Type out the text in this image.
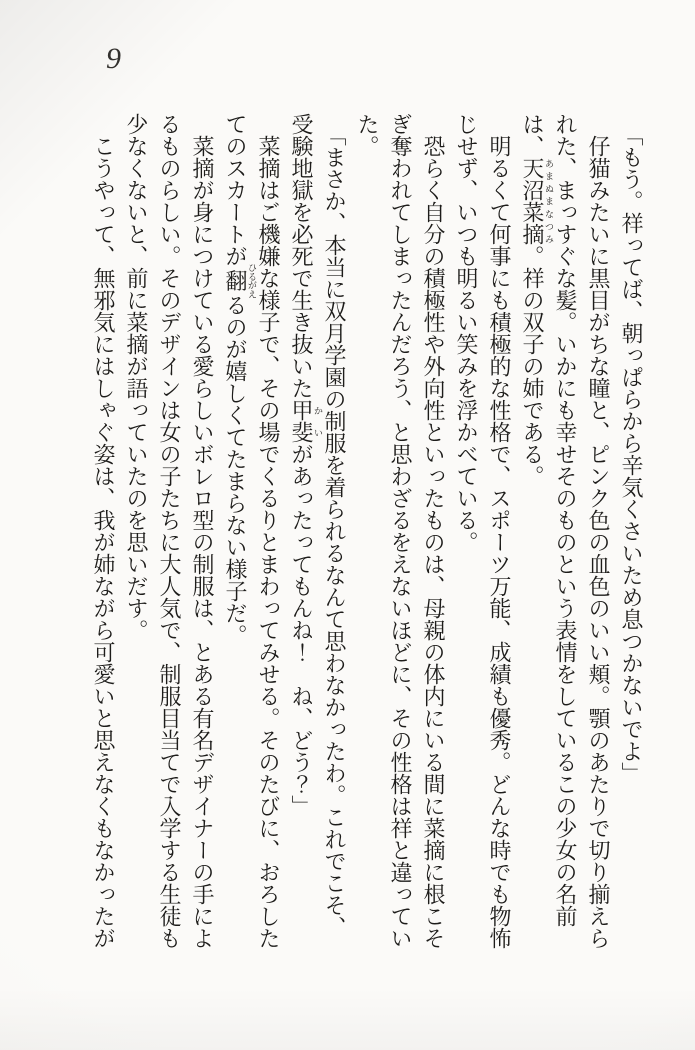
9

「もう。祥ってば、朝っぱらから辛気くさいため息つかないでよ」

仔猫みたいに黒目がちな瞳と、ピンク色の血色のいい頬。顎のあたりで切り揃えられた、まっすぐな髪。いかにも幸せそのものという表情をしているこの少女の名前は、天沼菜摘あまぬまなつみ。祥の双子の姉である。

明るくて何事にも積極的な性格で、スポーツ万能、成績も優秀。どんな時でも物怖じせず、いつも明るい笑みを浮かべている。

恐らく自分の積極性や外向性といったものは、母親の体内にいる間に菜摘に根こそぎ奪われてしまったんだろう、と思わざるをえないほどに、その性格は祥と違っていた。

「まさか、本当に双月学園の制服を着られるなんて思わなかったわ。これでこそ、受験地獄を必死で生き抜いた甲斐かいがあったってもんね！　ね、どう？」

菜摘はご機嫌な様子で、その場でくるりとまわってみせる。そのたびに、おろしたてのスカートが翻ひるがえるのが嬉しくてたまらない様子だ。

菜摘が身につけている愛らしいボレロ型の制服は、とある有名デザイナーの手によるものらしい。そのデザインは女の子たちに大人気で、制服目当てで入学する生徒も少なくないと、前に菜摘が語っていたのを思いだす。

こうやって、無邪気にはしゃぐ姿は、我が姉ながら可愛いと思えなくもなかったが
